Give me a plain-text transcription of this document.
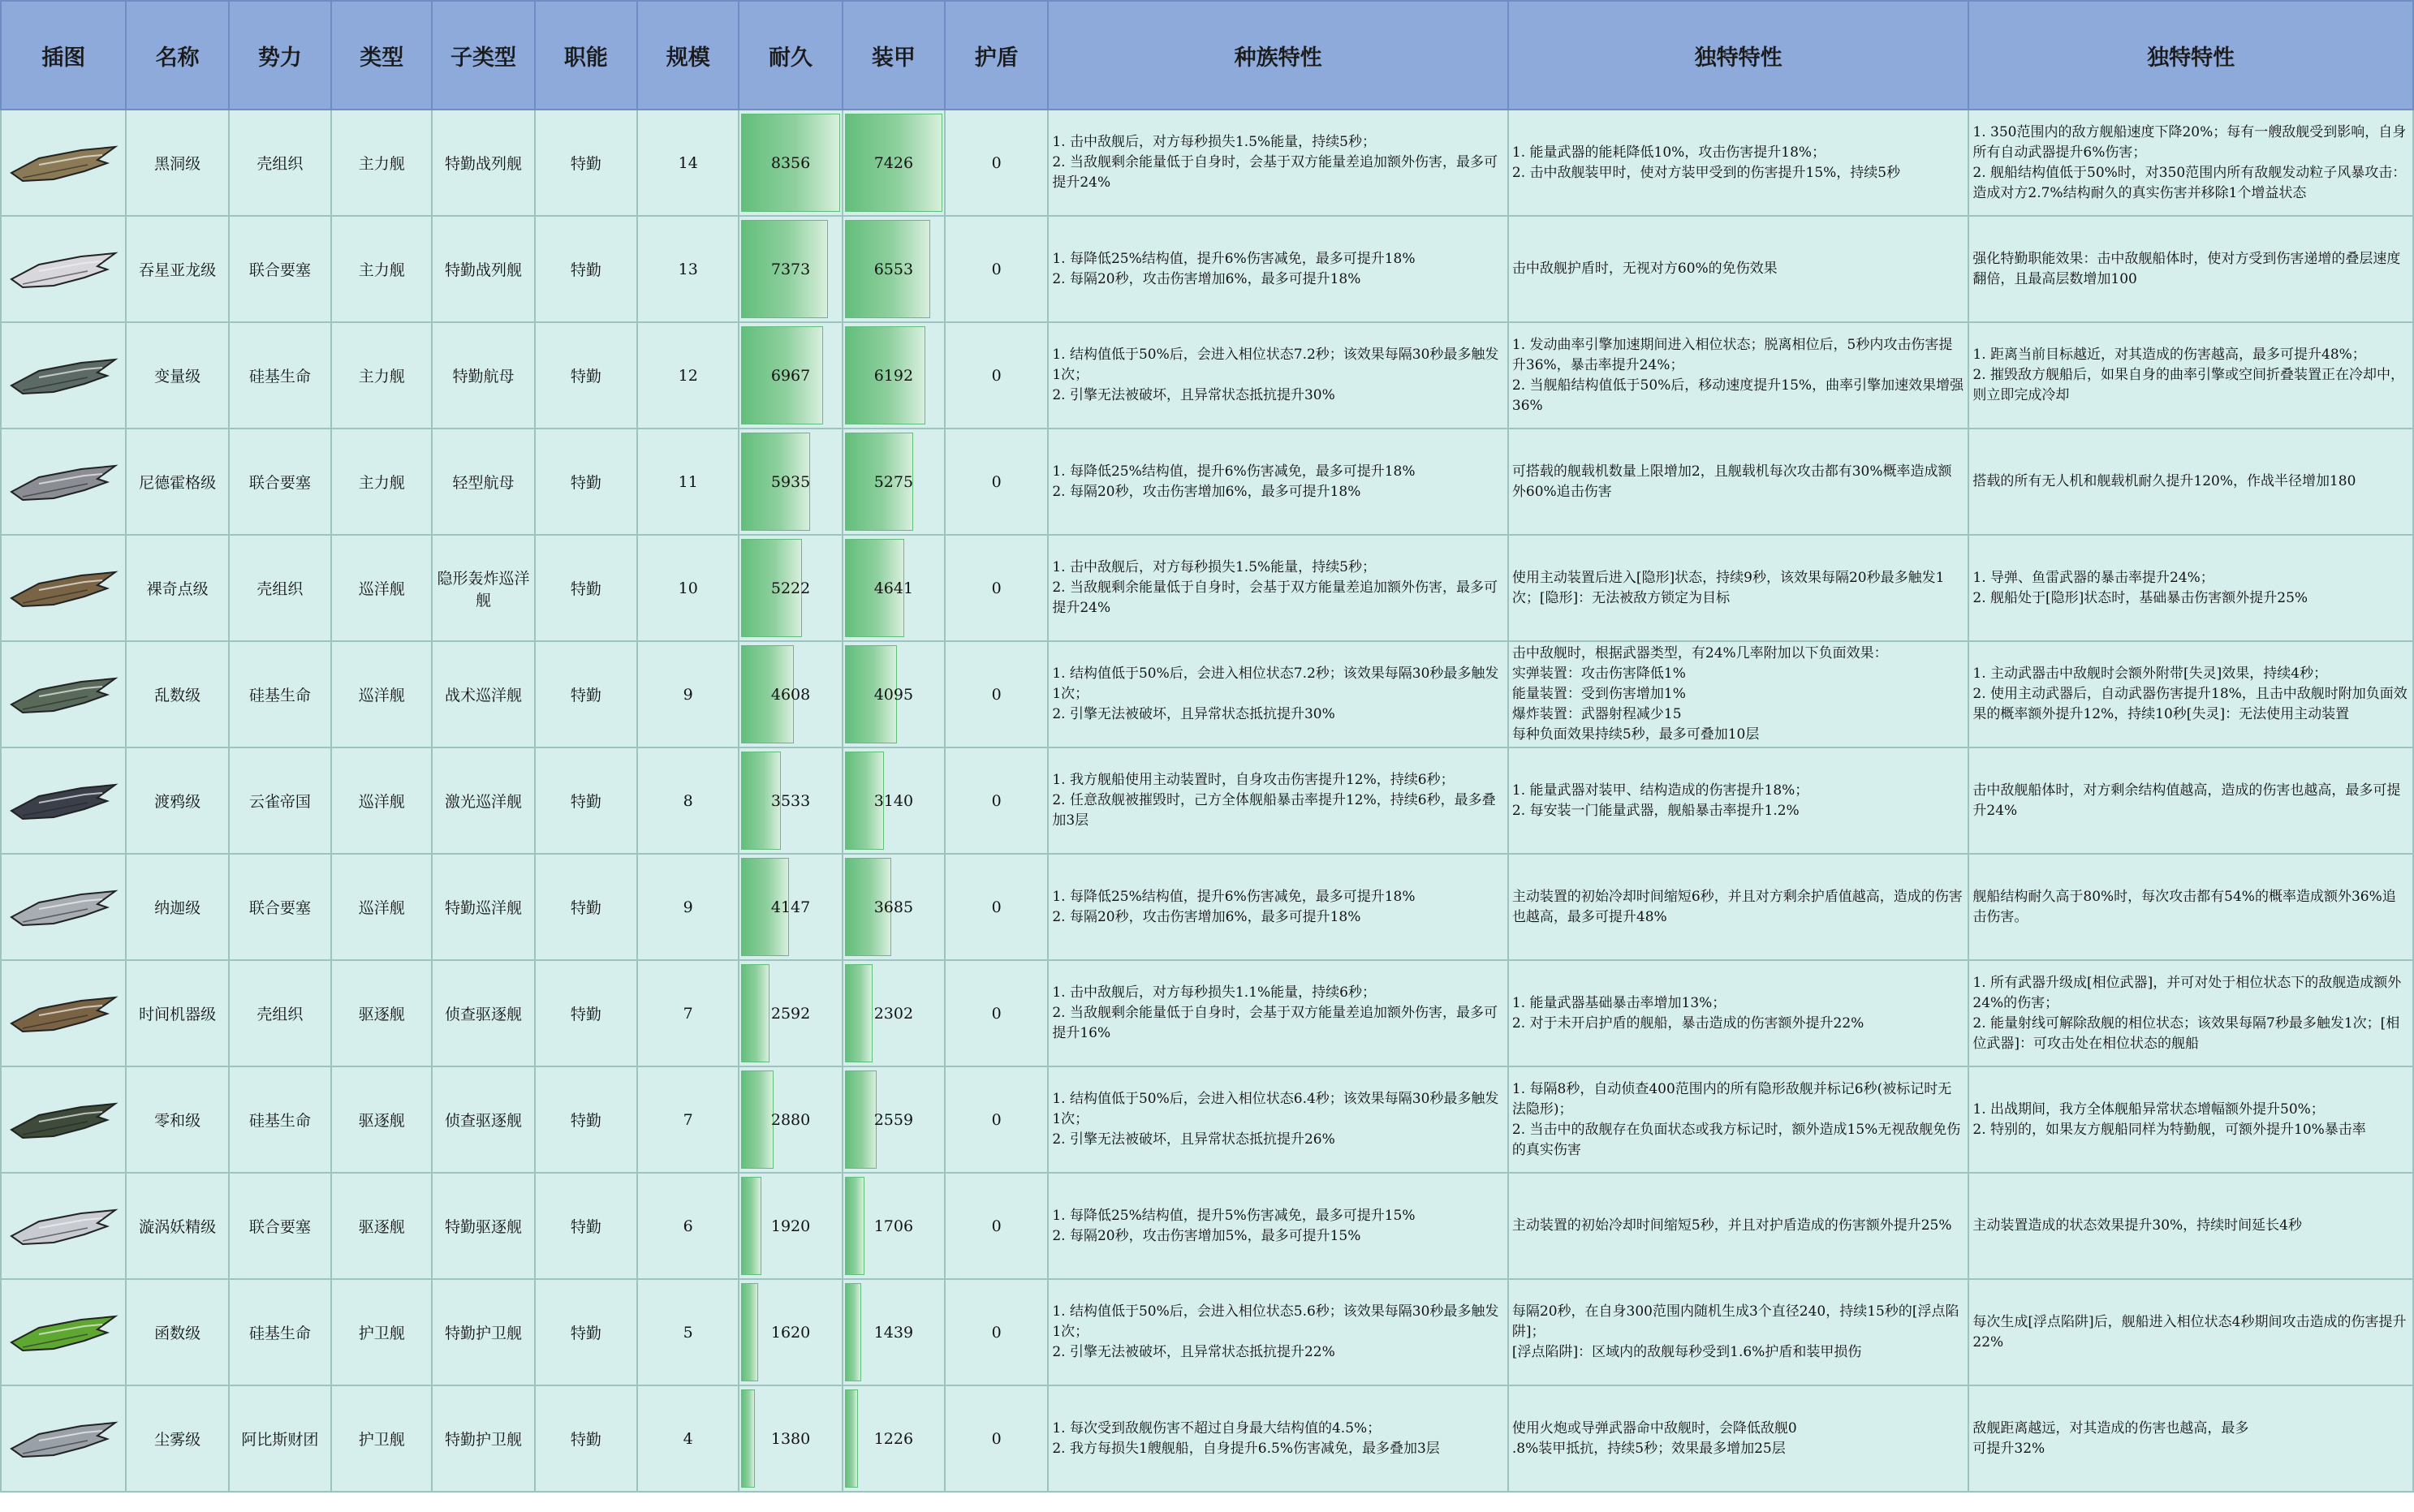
插图	名称	势力	类型	子类型	职能	规模	耐久	装甲	护盾	种族特性	独特特性	独特特性

	黑洞级	壳组织	主力舰	特勤战列舰	特勤	14	8356	7426	0	1. 击中敌舰后，对方每秒损失1.5%能量，持续5秒；
2. 当敌舰剩余能量低于自身时，会基于双方能量差追加额外伤害，最多可提升24%	1. 能量武器的能耗降低10%，攻击伤害提升18%；
2. 击中敌舰装甲时，使对方装甲受到的伤害提升15%，持续5秒	1. 350范围内的敌方舰船速度下降20%；每有一艘敌舰受到影响，自身所有自动武器提升6%伤害；
2. 舰船结构值低于50%时，对350范围内所有敌舰发动粒子风暴攻击：造成对方2.7%结构耐久的真实伤害并移除1个增益状态

	吞星亚龙级	联合要塞	主力舰	特勤战列舰	特勤	13	7373	6553	0	1. 每降低25%结构值，提升6%伤害减免，最多可提升18%
2. 每隔20秒，攻击伤害增加6%，最多可提升18%	击中敌舰护盾时，无视对方60%的免伤效果	强化特勤职能效果：击中敌舰船体时，使对方受到伤害递增的叠层速度翻倍，且最高层数增加100

	变量级	硅基生命	主力舰	特勤航母	特勤	12	6967	6192	0	1. 结构值低于50%后，会进入相位状态7.2秒；该效果每隔30秒最多触发1次；
2. 引擎无法被破坏，且异常状态抵抗提升30%	1. 发动曲率引擎加速期间进入相位状态；脱离相位后，5秒内攻击伤害提升36%，暴击率提升24%；
2. 当舰船结构值低于50%后，移动速度提升15%，曲率引擎加速效果增强36%	1. 距离当前目标越近，对其造成的伤害越高，最多可提升48%；
2. 摧毁敌方舰船后，如果自身的曲率引擎或空间折叠装置正在冷却中，则立即完成冷却

	尼德霍格级	联合要塞	主力舰	轻型航母	特勤	11	5935	5275	0	1. 每降低25%结构值，提升6%伤害减免，最多可提升18%
2. 每隔20秒，攻击伤害增加6%，最多可提升18%	可搭载的舰载机数量上限增加2，且舰载机每次攻击都有30%概率造成额外60%追击伤害	搭载的所有无人机和舰载机耐久提升120%，作战半径增加180

	裸奇点级	壳组织	巡洋舰	隐形轰炸巡洋舰	特勤	10	5222	4641	0	1. 击中敌舰后，对方每秒损失1.5%能量，持续5秒；
2. 当敌舰剩余能量低于自身时，会基于双方能量差追加额外伤害，最多可提升24%	使用主动装置后进入[隐形]状态，持续9秒，该效果每隔20秒最多触发1次；[隐形]：无法被敌方锁定为目标	1. 导弹、鱼雷武器的暴击率提升24%；
2. 舰船处于[隐形]状态时，基础暴击伤害额外提升25%

	乱数级	硅基生命	巡洋舰	战术巡洋舰	特勤	9	4608	4095	0	1. 结构值低于50%后，会进入相位状态7.2秒；该效果每隔30秒最多触发1次；
2. 引擎无法被破坏，且异常状态抵抗提升30%	击中敌舰时，根据武器类型，有24%几率附加以下负面效果：
实弹装置：攻击伤害降低1%
能量装置：受到伤害增加1%
爆炸装置：武器射程减少15
每种负面效果持续5秒，最多可叠加10层	1. 主动武器击中敌舰时会额外附带[失灵]效果，持续4秒；
2. 使用主动武器后，自动武器伤害提升18%，且击中敌舰时附加负面效果的概率额外提升12%，持续10秒[失灵]：无法使用主动装置

	渡鸦级	云雀帝国	巡洋舰	激光巡洋舰	特勤	8	3533	3140	0	1. 我方舰船使用主动装置时，自身攻击伤害提升12%，持续6秒；
2. 任意敌舰被摧毁时，己方全体舰船暴击率提升12%，持续6秒，最多叠加3层	1. 能量武器对装甲、结构造成的伤害提升18%；
2. 每安装一门能量武器，舰船暴击率提升1.2%	击中敌舰船体时，对方剩余结构值越高，造成的伤害也越高，最多可提升24%

	纳迦级	联合要塞	巡洋舰	特勤巡洋舰	特勤	9	4147	3685	0	1. 每降低25%结构值，提升6%伤害减免，最多可提升18%
2. 每隔20秒，攻击伤害增加6%，最多可提升18%	主动装置的初始冷却时间缩短6秒，并且对方剩余护盾值越高，造成的伤害也越高，最多可提升48%	舰船结构耐久高于80%时，每次攻击都有54%的概率造成额外36%追击伤害。

	时间机器级	壳组织	驱逐舰	侦查驱逐舰	特勤	7	2592	2302	0	1. 击中敌舰后，对方每秒损失1.1%能量，持续6秒；
2. 当敌舰剩余能量低于自身时，会基于双方能量差追加额外伤害，最多可提升16%	1. 能量武器基础暴击率增加13%；
2. 对于未开启护盾的舰船，暴击造成的伤害额外提升22%	1. 所有武器升级成[相位武器]，并可对处于相位状态下的敌舰造成额外24%的伤害；
2. 能量射线可解除敌舰的相位状态；该效果每隔7秒最多触发1次；[相位武器]：可攻击处在相位状态的舰船

	零和级	硅基生命	驱逐舰	侦查驱逐舰	特勤	7	2880	2559	0	1. 结构值低于50%后，会进入相位状态6.4秒；该效果每隔30秒最多触发1次；
2. 引擎无法被破坏，且异常状态抵抗提升26%	1. 每隔8秒，自动侦查400范围内的所有隐形敌舰并标记6秒(被标记时无法隐形)；
2. 当击中的敌舰存在负面状态或我方标记时，额外造成15%无视敌舰免伤的真实伤害	1. 出战期间，我方全体舰船异常状态增幅额外提升50%；
2. 特别的，如果友方舰船同样为特勤舰，可额外提升10%暴击率

	漩涡妖精级	联合要塞	驱逐舰	特勤驱逐舰	特勤	6	1920	1706	0	1. 每降低25%结构值，提升5%伤害减免，最多可提升15%
2. 每隔20秒，攻击伤害增加5%，最多可提升15%	主动装置的初始冷却时间缩短5秒，并且对护盾造成的伤害额外提升25%	主动装置造成的状态效果提升30%，持续时间延长4秒

	函数级	硅基生命	护卫舰	特勤护卫舰	特勤	5	1620	1439	0	1. 结构值低于50%后，会进入相位状态5.6秒；该效果每隔30秒最多触发1次；
2. 引擎无法被破坏，且异常状态抵抗提升22%	每隔20秒，在自身300范围内随机生成3个直径240，持续15秒的[浮点陷阱]；
[浮点陷阱]：区域内的敌舰每秒受到1.6%护盾和装甲损伤	每次生成[浮点陷阱]后，舰船进入相位状态4秒期间攻击造成的伤害提升22%

	尘雾级	阿比斯财团	护卫舰	特勤护卫舰	特勤	4	1380	1226	0	1. 每次受到敌舰伤害不超过自身最大结构值的4.5%；
2. 我方每损失1艘舰船，自身提升6.5%伤害减免，最多叠加3层	使用火炮或导弹武器命中敌舰时，会降低敌舰0
.8%装甲抵抗，持续5秒；效果最多增加25层	敌舰距离越远，对其造成的伤害也越高，最多
可提升32%
